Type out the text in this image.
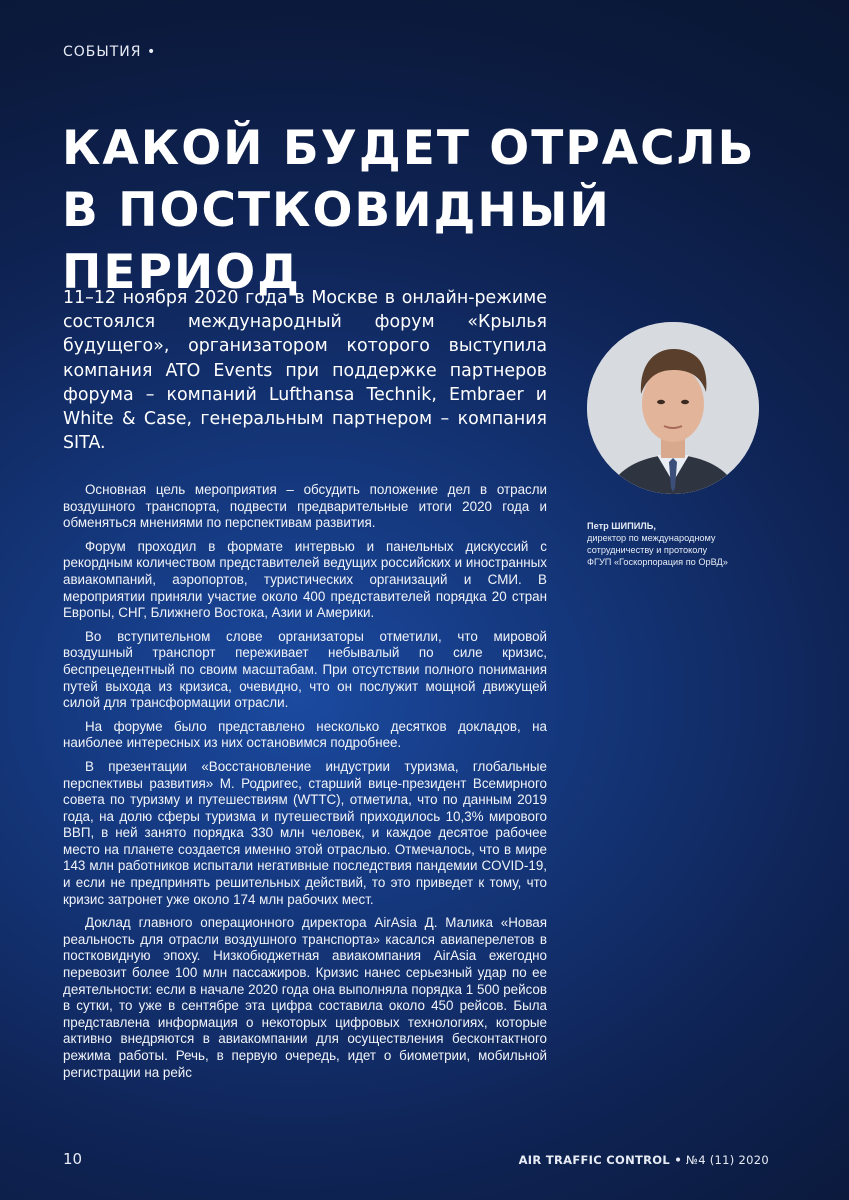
СОБЫТИЯ •
КАКОЙ БУДЕТ ОТРАСЛЬ
В ПОСТКОВИДНЫЙ ПЕРИОД

11–12 ноября 2020 года в Москве в онлайн-режиме состоялся международный форум «Крылья будущего», организатором которого выступила компания ATO Events при поддержке партнеров форума – компаний Lufthansa Technik, Embraer и White & Case, генеральным партнером – компания SITA.

Петр ШИПИЛЬ,
директор по международному
сотрудничеству и протоколу
ФГУП «Госкорпорация по ОрВД»

Основная цель мероприятия – обсудить положение дел в отрасли воздушного транспорта, подвести предварительные итоги 2020 года и обменяться мнениями по перспективам развития.

Форум проходил в формате интервью и панельных дискуссий с рекордным количеством представителей ведущих российских и иностранных авиакомпаний, аэропортов, туристических организаций и СМИ. В мероприятии приняли участие около 400 представителей порядка 20 стран Европы, СНГ, Ближнего Востока, Азии и Америки.

Во вступительном слове организаторы отметили, что мировой воздушный транспорт переживает небывалый по силе кризис, беспрецедентный по своим масштабам. При отсутствии полного понимания путей выхода из кризиса, очевидно, что он послужит мощной движущей силой для трансформации отрасли.

На форуме было представлено несколько десятков докладов, на наиболее интересных из них остановимся подробнее.

В презентации «Восстановление индустрии туризма, глобальные перспективы развития» М. Родригес, старший вице-президент Всемирного совета по туризму и путешествиям (WTTC), отметила, что по данным 2019 года, на долю сферы туризма и путешествий приходилось 10,3% мирового ВВП, в ней занято порядка 330 млн человек, и каждое десятое рабочее место на планете создается именно этой отраслью. Отмечалось, что в мире 143 млн работников испытали негативные последствия пандемии COVID-19, и если не предпринять решительных действий, то это приведет к тому, что кризис затронет уже около 174 млн рабочих мест.

Доклад главного операционного директора AirAsia Д. Малика «Новая реальность для отрасли воздушного транспорта» касался авиаперелетов в постковидную эпоху. Низкобюджетная авиакомпания AirAsia ежегодно перевозит более 100 млн пассажиров. Кризис нанес серьезный удар по ее деятельности: если в начале 2020 года она выполняла порядка 1 500 рейсов в сутки, то уже в сентябре эта цифра составила около 450 рейсов. Была представлена информация о некоторых цифровых технологиях, которые активно внедряются в авиакомпании для осуществления бесконтактного режима работы. Речь, в первую очередь, идет о биометрии, мобильной регистрации на рейс

10	AIR TRAFFIC CONTROL • №4 (11) 2020
